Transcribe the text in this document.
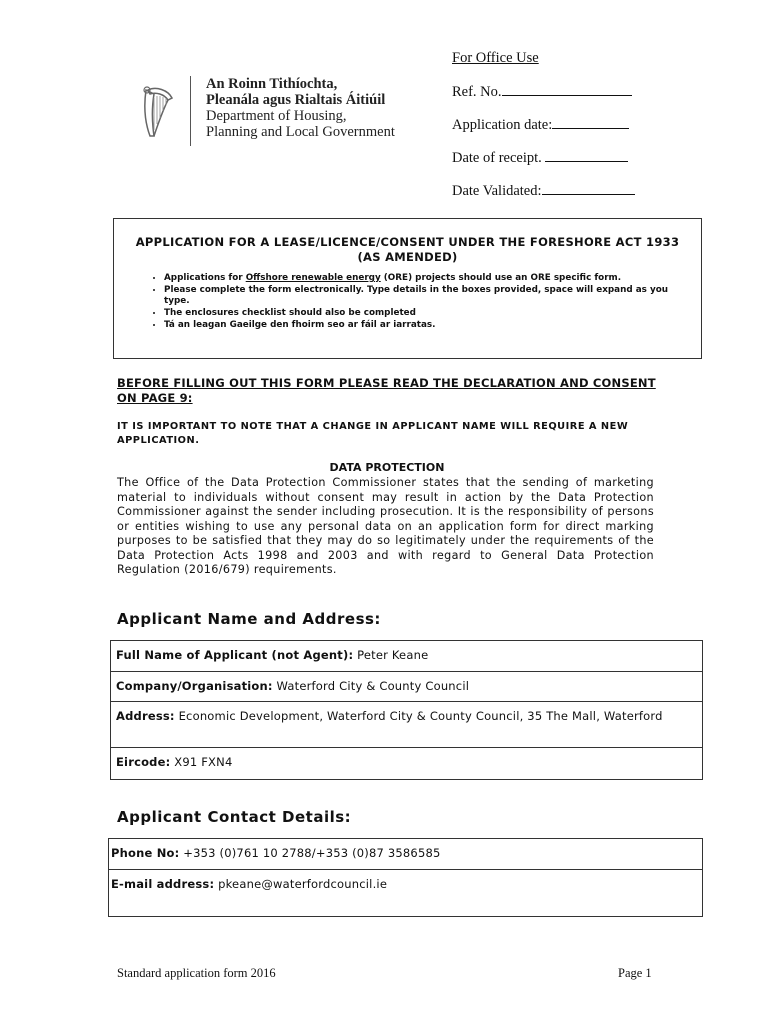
An Roinn Tithíochta,
Pleanála agus Rialtais Áitiúil
Department of Housing,
Planning and Local Government
For Office Use
Ref. No.
Application date:
Date of receipt.
Date Validated:
APPLICATION FOR A LEASE/LICENCE/CONSENT UNDER THE FORESHORE ACT 1933 (AS AMENDED)
• Applications for Offshore renewable energy (ORE) projects should use an ORE specific form.
• Please complete the form electronically. Type details in the boxes provided, space will expand as you type.
• The enclosures checklist should also be completed
• Tá an leagan Gaeilge den fhoirm seo ar fáil ar iarratas.
BEFORE FILLING OUT THIS FORM PLEASE READ THE DECLARATION AND CONSENT ON PAGE 9:
IT IS IMPORTANT TO NOTE THAT A CHANGE IN APPLICANT NAME WILL REQUIRE A NEW APPLICATION.
DATA PROTECTION
The Office of the Data Protection Commissioner states that the sending of marketing material to individuals without consent may result in action by the Data Protection Commissioner against the sender including prosecution. It is the responsibility of persons or entities wishing to use any personal data on an application form for direct marking purposes to be satisfied that they may do so legitimately under the requirements of the Data Protection Acts 1998 and 2003 and with regard to General Data Protection Regulation (2016/679) requirements.
Applicant Name and Address:
Full Name of Applicant (not Agent): Peter Keane
Company/Organisation: Waterford City & County Council
Address: Economic Development, Waterford City & County Council, 35 The Mall, Waterford
Eircode: X91 FXN4
Applicant Contact Details:
Phone No: +353 (0)761 10 2788/+353 (0)87 3586585
E-mail address: pkeane@waterfordcouncil.ie
Standard application form 2016	Page 1
